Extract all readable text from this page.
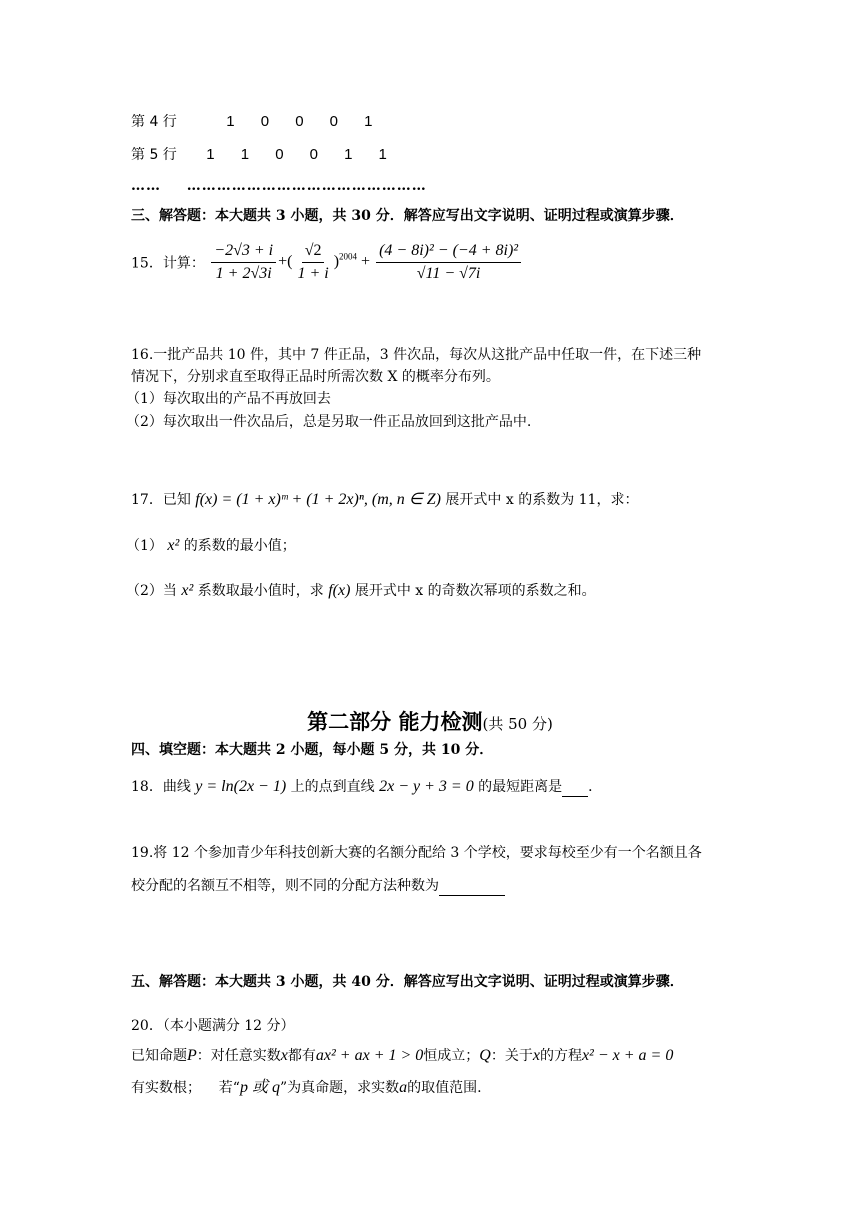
第 4 行	1 0 0 0 1
第 5 行 1 1 0 0 1 1
…… …………………………………………
三、解答题：本大题共 3 小题，共 30 分．解答应写出文字说明、证明过程或演算步骤．
15．计算： $\frac{-2√3 + i}{1 + 2√3i}$ +( $\frac{√2}{1 + i} )^{2004} + \frac{\text{(4 − 8i)² − (−4 + 8i)²}}{√11 - √7i}$
16.一批产品共 10 件，其中 7 件正品，3 件次品，每次从这批产品中任取一件，在下述三种
情况下，分别求直至取得正品时所需次数 X 的概率分布列。
（1）每次取出的产品不再放回去
（2）每次取出一件次品后，总是另取一件正品放回到这批产品中.
17．已知 f(x) = (1 + x)ᵐ + (1 + 2x)ⁿ, (m, n ∈ Z) 展开式中 x 的系数为 11，求：
（1） x² 的系数的最小值；
（2）当 x² 系数取最小值时，求 f(x) 展开式中 x 的奇数次幂项的系数之和。
第二部分 能力检测(共 50 分)
四、填空题：本大题共 2 小题，每小题 5 分，共 10 分．
18．曲线 y = ln(2x − 1) 上的点到直线 2x − y + 3 = 0 的最短距离是 ．
19.将 12 个参加青少年科技创新大赛的名额分配给 3 个学校，要求每校至少有一个名额且各
校分配的名额互不相等，则不同的分配方法种数为
五、解答题：本大题共 3 小题，共 40 分．解答应写出文字说明、证明过程或演算步骤．
20．（本小题满分 12 分）
已知命题P：对任意实数x都有ax² + ax + 1 > 0恒成立；Q：关于x的方程x² − x + a = 0
有实数根；    若“p 或 q”为真命题，求实数a的取值范围.
